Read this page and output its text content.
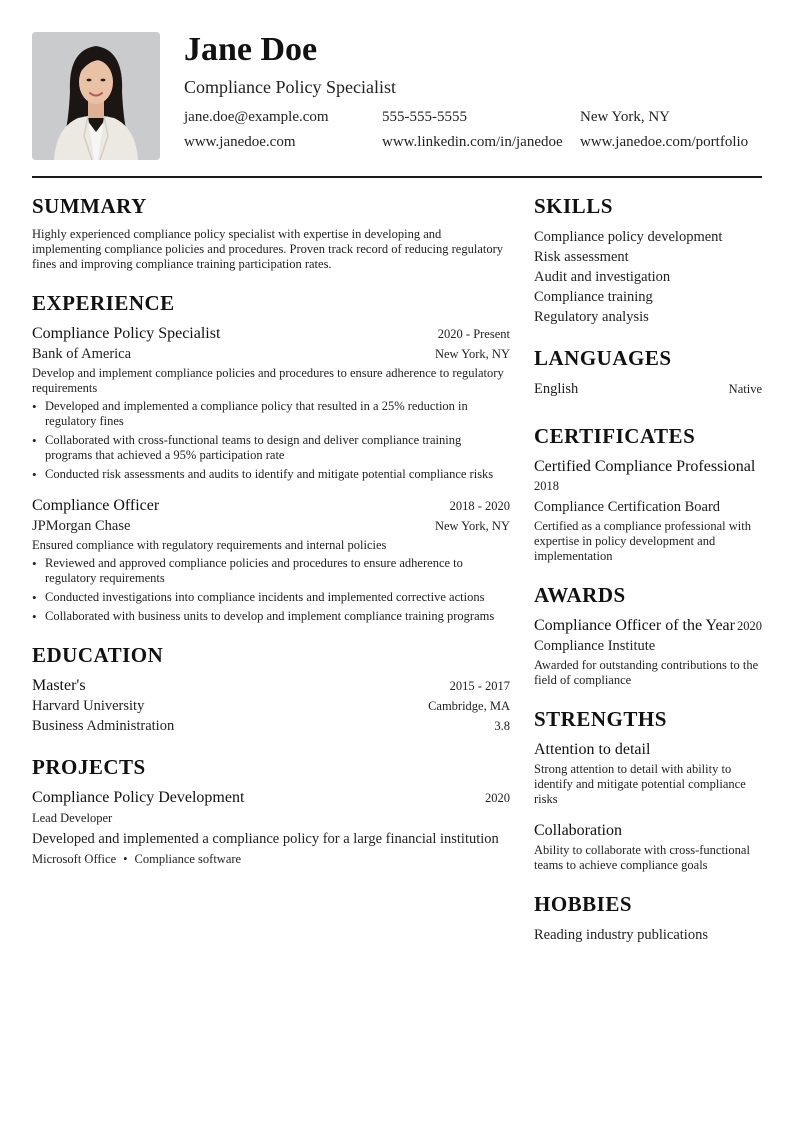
Jane Doe
Compliance Policy Specialist
jane.doe@example.com	555-555-5555	New York, NY
www.janedoe.com	www.linkedin.com/in/janedoe	www.janedoe.com/portfolio
SUMMARY
Highly experienced compliance policy specialist with expertise in developing and implementing compliance policies and procedures. Proven track record of reducing regulatory fines and improving compliance training participation rates.
EXPERIENCE
Compliance Policy Specialist	2020 - Present
Bank of America	New York, NY
Develop and implement compliance policies and procedures to ensure adherence to regulatory requirements
• Developed and implemented a compliance policy that resulted in a 25% reduction in regulatory fines
• Collaborated with cross-functional teams to design and deliver compliance training programs that achieved a 95% participation rate
• Conducted risk assessments and audits to identify and mitigate potential compliance risks
Compliance Officer	2018 - 2020
JPMorgan Chase	New York, NY
Ensured compliance with regulatory requirements and internal policies
• Reviewed and approved compliance policies and procedures to ensure adherence to regulatory requirements
• Conducted investigations into compliance incidents and implemented corrective actions
• Collaborated with business units to develop and implement compliance training programs
EDUCATION
Master's	2015 - 2017
Harvard University	Cambridge, MA
Business Administration	3.8
PROJECTS
Compliance Policy Development	2020
Lead Developer
Developed and implemented a compliance policy for a large financial institution
Microsoft Office • Compliance software
SKILLS
Compliance policy development
Risk assessment
Audit and investigation
Compliance training
Regulatory analysis
LANGUAGES
English	Native
CERTIFICATES
Certified Compliance Professional
2018
Compliance Certification Board
Certified as a compliance professional with expertise in policy development and implementation
AWARDS
Compliance Officer of the Year 2020
Compliance Institute
Awarded for outstanding contributions to the field of compliance
STRENGTHS
Attention to detail
Strong attention to detail with ability to identify and mitigate potential compliance risks
Collaboration
Ability to collaborate with cross-functional teams to achieve compliance goals
HOBBIES
Reading industry publications
